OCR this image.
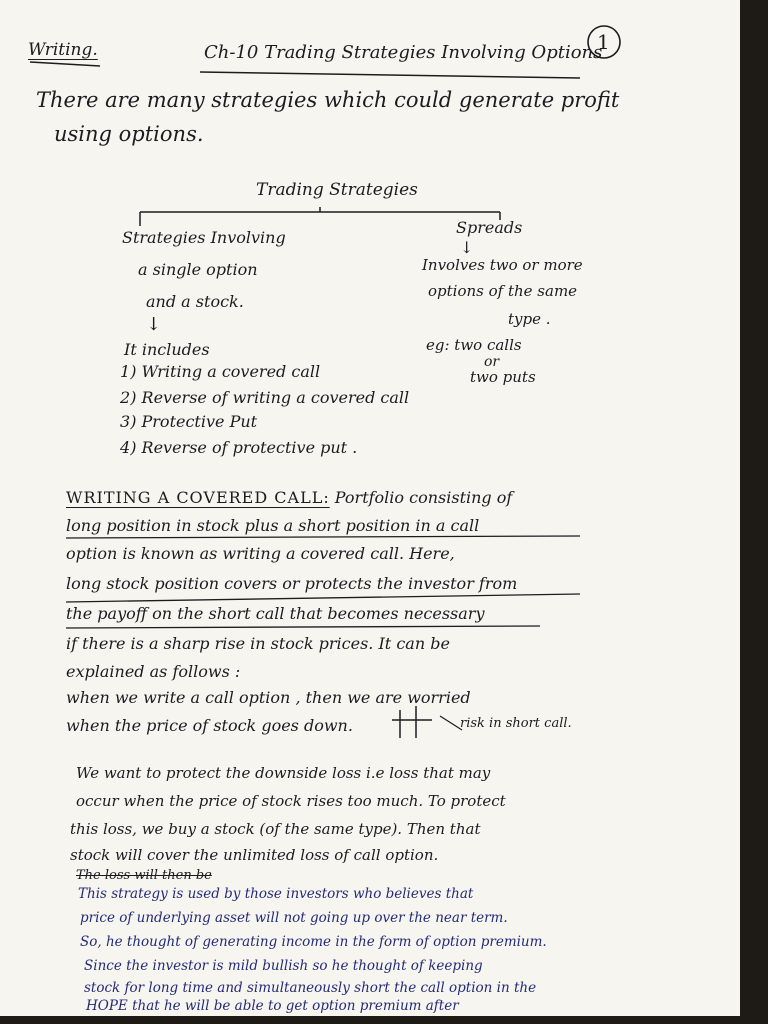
Writing.	Ch-10 Trading Strategies Involving Options
1
There are many strategies which could generate profit
using options.
Trading Strategies
Strategies Involving
a single option
and a stock.
↓
It includes
1) Writing a covered call
2) Reverse of writing a covered call
3) Protective Put
4) Reverse of protective put .
Spreads
↓
Involves two or more
options of the same
type .
eg: two calls
or
two puts
WRITING A COVERED CALL: Portfolio consisting of
long position in stock plus a short position in a call
option is known as writing a covered call. Here,
long stock position covers or protects the investor from
the payoff on the short call that becomes necessary
if there is a sharp rise in stock prices. It can be
explained as follows :
when we write a call option , then we are worried
when the price of stock goes down.	risk in short call.
We want to protect the downside loss i.e loss that may
occur when the price of stock rises too much. To protect
this loss, we buy a stock (of the same type). Then that
stock will cover the unlimited loss of call option.
The loss will then be
This strategy is used by those investors who believes that
price of underlying asset will not going up over the near term.
So, he thought of generating income in the form of option premium.
Since the investor is mild bullish so he thought of keeping
stock for long time and simultaneously short the call option in the
HOPE that he will be able to get option premium after
